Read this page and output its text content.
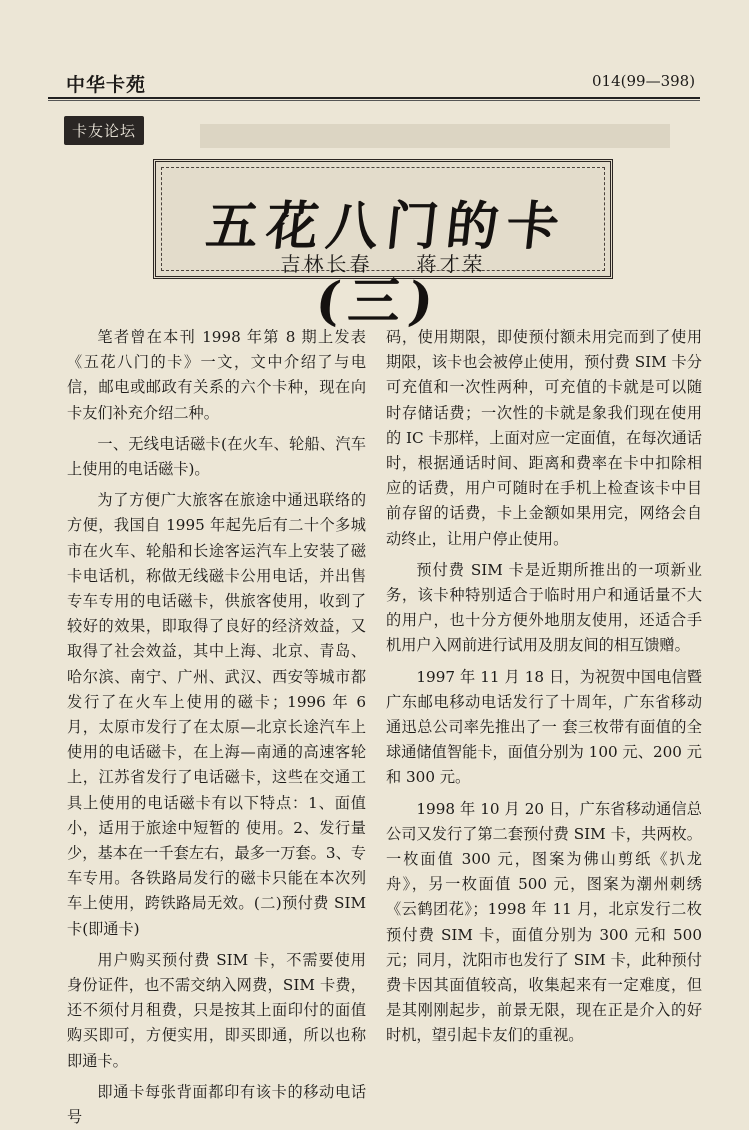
中华卡苑	014(99—398)
卡友论坛
五花八门的卡(三)
吉林长春 蒋才荣

笔者曾在本刊 1998 年第 8 期上发表《五花八门的卡》一文，文中介绍了与电信，邮电或邮政有关系的六个卡种，现在向卡友们补充介绍二种。

一、无线电话磁卡(在火车、轮船、汽车上使用的电话磁卡)。

为了方便广大旅客在旅途中通迅联络的方便，我国自 1995 年起先后有二十个多城市在火车、轮船和长途客运汽车上安装了磁卡电话机，称做无线磁卡公用电话，并出售专车专用的电话磁卡，供旅客使用，收到了较好的效果，即取得了良好的经济效益，又取得了社会效益，其中上海、北京、青岛、哈尔滨、南宁、广州、武汉、西安等城市都发行了在火车上使用的磁卡；1996 年 6 月，太原市发行了在太原—北京长途汽车上使用的电话磁卡，在上海—南通的高速客轮上，江苏省发行了电话磁卡，这些在交通工具上使用的电话磁卡有以下特点：1、面值小，适用于旅途中短暂的 使用。2、发行量少，基本在一千套左右，最多一万套。3、专车专用。各铁路局发行的磁卡只能在本次列车上使用，跨铁路局无效。(二)预付费 SIM 卡(即通卡)

用户购买预付费 SIM 卡，不需要使用身份证件，也不需交纳入网费，SIM 卡费，还不须付月租费，只是按其上面印付的面值购买即可，方便实用，即买即通，所以也称即通卡。

即通卡每张背面都印有该卡的移动电话号

码，使用期限，即使预付额未用完而到了使用期限，该卡也会被停止使用，预付费 SIM 卡分可充值和一次性两种，可充值的卡就是可以随时存储话费；一次性的卡就是象我们现在使用的 IC 卡那样，上面对应一定面值，在每次通话时，根据通话时间、距离和费率在卡中扣除相应的话费，用户可随时在手机上检查该卡中目前存留的话费，卡上金额如果用完，网络会自动终止，让用户停止使用。

预付费 SIM 卡是近期所推出的一项新业务，该卡种特别适合于临时用户和通话量不大的用户，也十分方便外地朋友使用，还适合手机用户入网前进行试用及朋友间的相互馈赠。

1997 年 11 月 18 日，为祝贺中国电信暨广东邮电移动电话发行了十周年，广东省移动通迅总公司率先推出了一 套三枚带有面值的全球通储值智能卡，面值分别为 100 元、200 元和 300 元。

1998 年 10 月 20 日，广东省移动通信总公司又发行了第二套预付费 SIM 卡，共两枚。一枚面值 300 元，图案为佛山剪纸《扒龙舟》，另一枚面值 500 元，图案为潮州刺绣《云鹤团花》；1998 年 11 月，北京发行二枚预付费 SIM 卡，面值分别为 300 元和 500 元；同月，沈阳市也发行了 SIM 卡，此种预付费卡因其面值较高，收集起来有一定难度，但是其刚刚起步，前景无限，现在正是介入的好时机，望引起卡友们的重视。
